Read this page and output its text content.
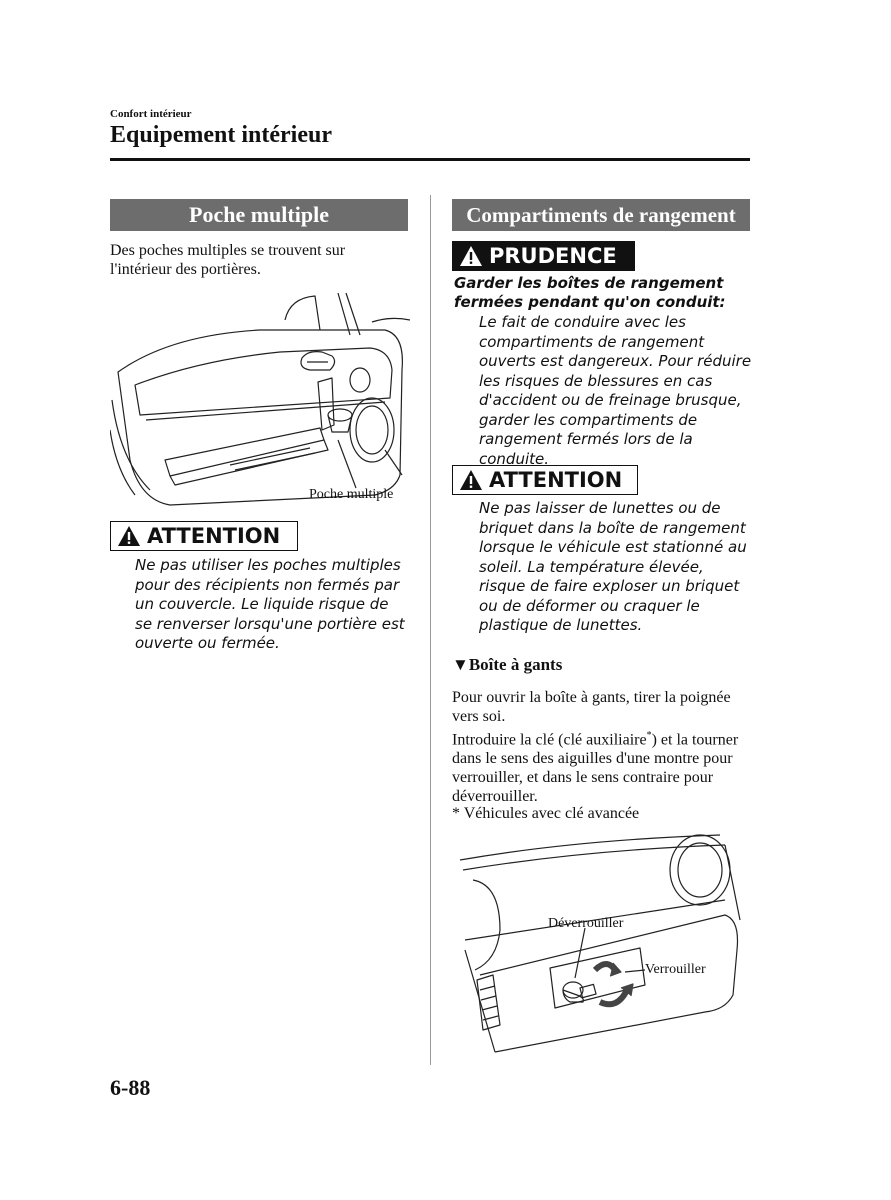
Confort intérieur
Equipement intérieur
Poche multiple
Des poches multiples se trouvent sur l'intérieur des portières.
Poche multiple
ATTENTION
Ne pas utiliser les poches multiples pour des récipients non fermés par un couvercle. Le liquide risque de se renverser lorsqu'une portière est ouverte ou fermée.
Compartiments de rangement
PRUDENCE
Garder les boîtes de rangement fermées pendant qu'on conduit:
Le fait de conduire avec les compartiments de rangement ouverts est dangereux. Pour réduire les risques de blessures en cas d'accident ou de freinage brusque, garder les compartiments de rangement fermés lors de la conduite.
ATTENTION
Ne pas laisser de lunettes ou de briquet dans la boîte de rangement lorsque le véhicule est stationné au soleil. La température élevée, risque de faire exploser un briquet ou de déformer ou craquer le plastique de lunettes.
▼Boîte à gants
Pour ouvrir la boîte à gants, tirer la poignée vers soi.
Introduire la clé (clé auxiliaire*) et la tourner dans le sens des aiguilles d'une montre pour verrouiller, et dans le sens contraire pour déverrouiller.
* Véhicules avec clé avancée
Déverrouiller
Verrouiller
6-88
